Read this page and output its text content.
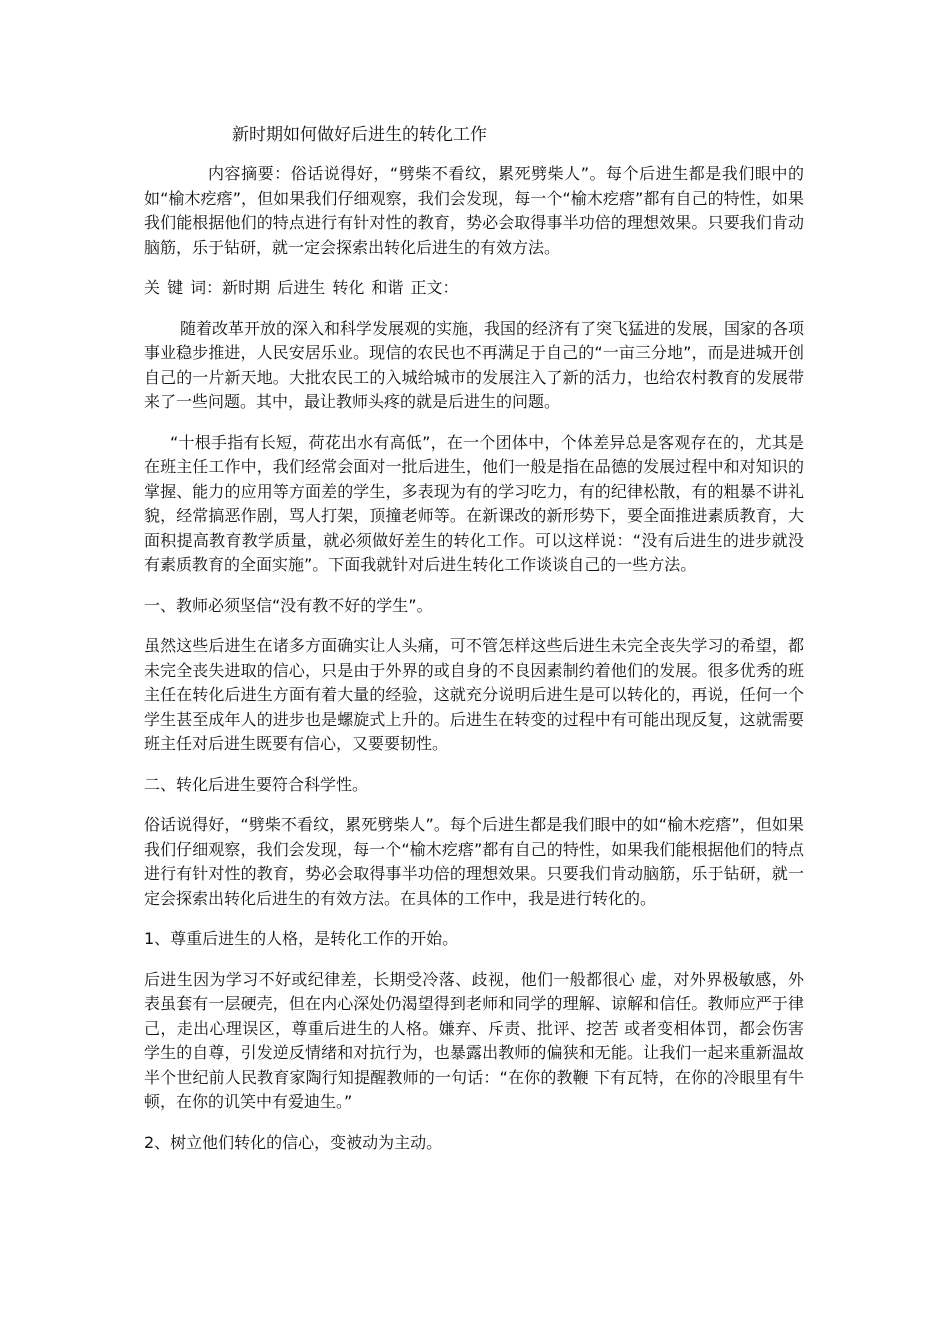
新时期如何做好后进生的转化工作

内容摘要：俗话说得好，“劈柴不看纹，累死劈柴人”。每个后进生都是我们眼中的如“榆木疙瘩”，但如果我们仔细观察，我们会发现，每一个“榆木疙瘩”都有自己的特性，如果我们能根据他们的特点进行有针对性的教育，势必会取得事半功倍的理想效果。只要我们肯动脑筋，乐于钻研，就一定会探索出转化后进生的有效方法。

关 键 词：新时期 后进生 转化 和谐 正文：

随着改革开放的深入和科学发展观的实施，我国的经济有了突飞猛进的发展，国家的各项事业稳步推进，人民安居乐业。现信的农民也不再满足于自己的“一亩三分地”，而是进城开创自己的一片新天地。大批农民工的入城给城市的发展注入了新的活力，也给农村教育的发展带来了一些问题。其中，最让教师头疼的就是后进生的问题。

“十根手指有长短，荷花出水有高低”，在一个团体中，个体差异总是客观存在的，尤其是在班主任工作中，我们经常会面对一批后进生，他们一般是指在品德的发展过程中和对知识的掌握、能力的应用等方面差的学生，多表现为有的学习吃力，有的纪律松散，有的粗暴不讲礼貌，经常搞恶作剧，骂人打架，顶撞老师等。在新课改的新形势下，要全面推进素质教育，大面积提高教育教学质量，就必须做好差生的转化工作。可以这样说：“没有后进生的进步就没有素质教育的全面实施”。下面我就针对后进生转化工作谈谈自己的一些方法。

一、教师必须坚信“没有教不好的学生”。

虽然这些后进生在诸多方面确实让人头痛，可不管怎样这些后进生未完全丧失学习的希望，都未完全丧失进取的信心，只是由于外界的或自身的不良因素制约着他们的发展。很多优秀的班主任在转化后进生方面有着大量的经验，这就充分说明后进生是可以转化的，再说，任何一个学生甚至成年人的进步也是螺旋式上升的。后进生在转变的过程中有可能出现反复，这就需要班主任对后进生既要有信心，又要要韧性。

二、转化后进生要符合科学性。

俗话说得好，“劈柴不看纹，累死劈柴人”。每个后进生都是我们眼中的如“榆木疙瘩”，但如果我们仔细观察，我们会发现，每一个“榆木疙瘩”都有自己的特性，如果我们能根据他们的特点进行有针对性的教育，势必会取得事半功倍的理想效果。只要我们肯动脑筋，乐于钻研，就一定会探索出转化后进生的有效方法。在具体的工作中，我是进行转化的。

1、尊重后进生的人格，是转化工作的开始。

后进生因为学习不好或纪律差，长期受冷落、歧视，他们一般都很心 虚，对外界极敏感，外表虽套有一层硬壳，但在内心深处仍渴望得到老师和同学的理解、谅解和信任。教师应严于律己，走出心理误区，尊重后进生的人格。嫌弃、斥责、批评、挖苦 或者变相体罚，都会伤害学生的自尊，引发逆反情绪和对抗行为，也暴露出教师的偏狭和无能。让我们一起来重新温故半个世纪前人民教育家陶行知提醒教师的一句话：“在你的教鞭 下有瓦特，在你的冷眼里有牛顿，在你的讥笑中有爱迪生。”

2、树立他们转化的信心，变被动为主动。
